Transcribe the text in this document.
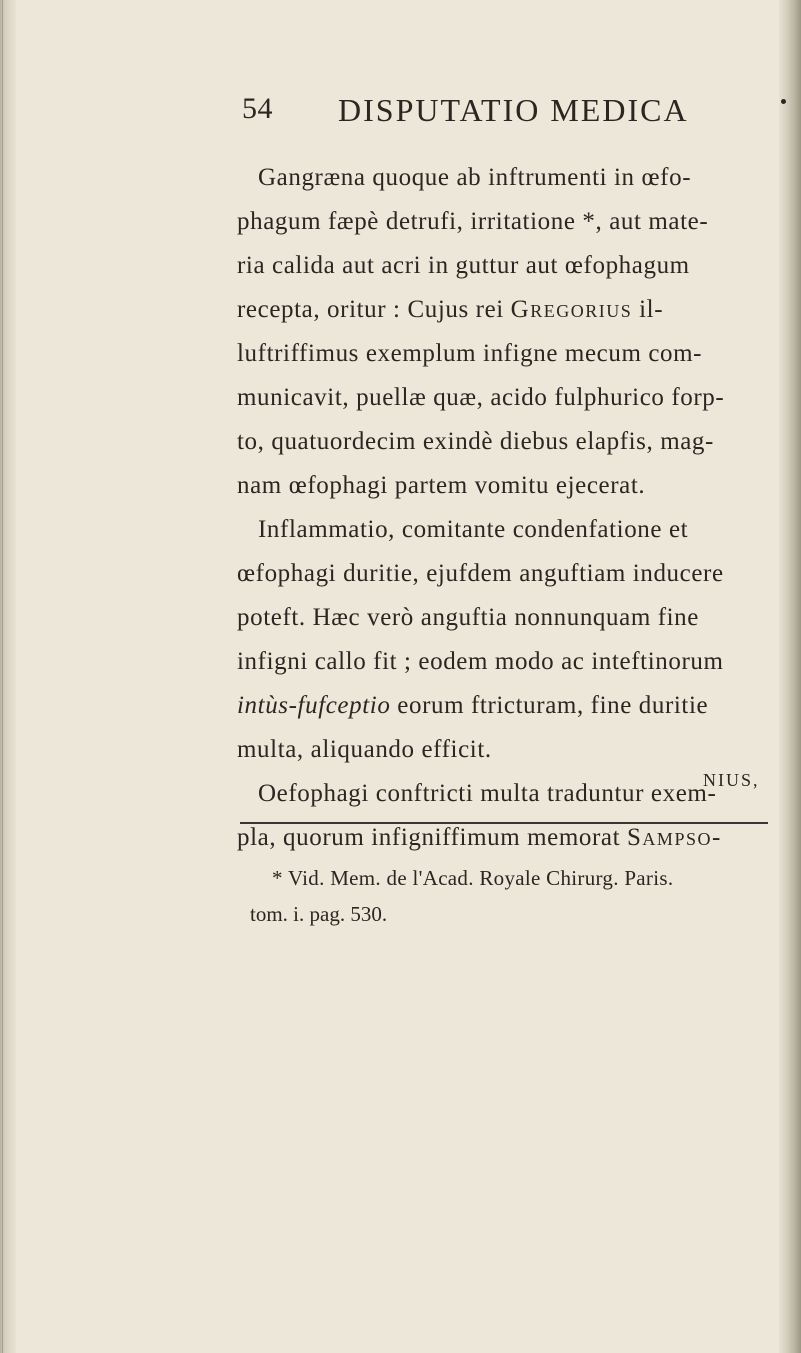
54 DISPUTATIO MEDICA
Gangræna quoque ab inftrumenti in œfo-
phagum fæpè detrufi, irritatione *, aut mate-
ria calida aut acri in guttur aut œfophagum
recepta, oritur : Cujus rei Gregorius il-
luftriffimus exemplum infigne mecum com-
municavit, puellæ quæ, acido fulphurico forp-
to, quatuordecim exindè diebus elapfis, mag-
nam œfophagi partem vomitu ejecerat.
Inflammatio, comitante condenfatione et
œfophagi duritie, ejufdem anguftiam inducere
poteft. Hæc verò anguftia nonnunquam fine
infigni callo fit ; eodem modo ac inteftinorum
intùs-fufceptio eorum ftricturam, fine duritie
multa, aliquando efficit.
Oefophagi conftricti multa traduntur exem-
pla, quorum infigniffimum memorat Sampso-
NIUS,
* Vid. Mem. de l'Acad. Royale Chirurg. Paris.
tom. i. pag. 530.
